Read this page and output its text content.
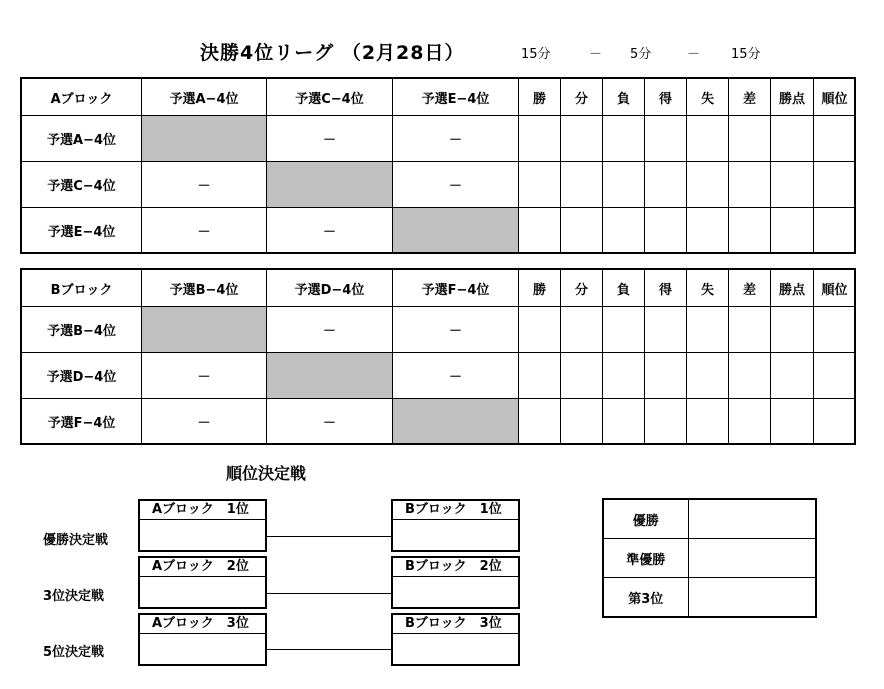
決勝4位リーグ （2月28日）	15分	－ 5分	－ 15分
Aブロック	予選A−4位	予選C−4位	予選E−4位	勝	分	負	得	失	差	勝点	順位
予選A−4位		－	－								
予選C−4位	－		－								
予選E−4位	－	－									
Bブロック	予選B−4位	予選D−4位	予選F−4位	勝	分	負	得	失	差	勝点	順位
予選B−4位		－	－								
予選D−4位	－		－								
予選F−4位	－	－									
順位決定戦
優勝決定戦
Aブロック　1位	Bブロック　1位
3位決定戦
Aブロック　2位	Bブロック　2位
5位決定戦
Aブロック　3位	Bブロック　3位
優勝	
準優勝	
第3位	
